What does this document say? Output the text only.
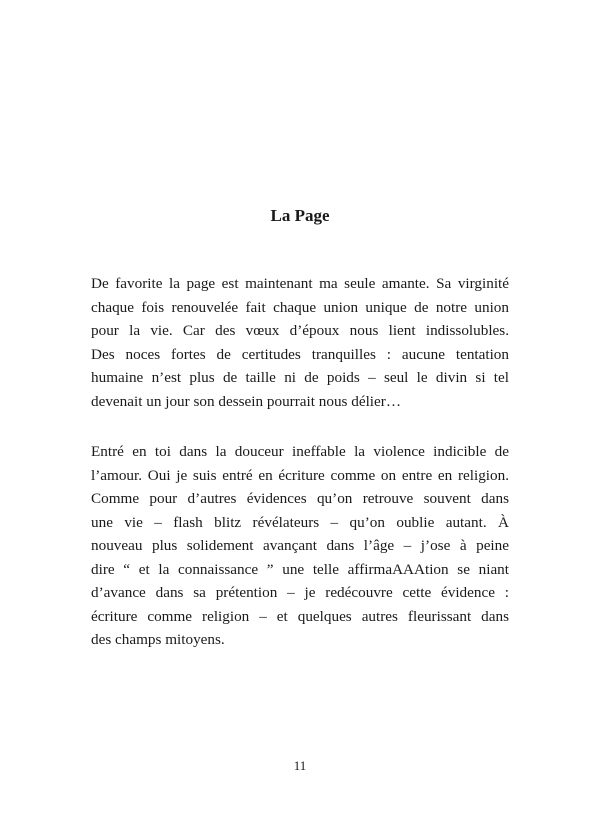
La Page
De favorite la page est maintenant ma seule amante. Sa virginité
chaque fois renouvelée fait chaque union unique de notre union
pour la vie. Car des vœux d’époux nous lient indissolubles.
Des noces fortes de certitudes tranquilles : aucune tentation
humaine n’est plus de taille ni de poids – seul le divin si tel
devenait un jour son dessein pourrait nous délier…
Entré en toi dans la douceur ineffable la violence indicible de
l’amour. Oui je suis entré en écriture comme on entre en religion.
Comme pour d’autres évidences qu’on retrouve souvent dans
une vie – flash blitz révélateurs – qu’on oublie autant. À
nouveau plus solidement avançant dans l’âge – j’ose à peine
dire “ et la connaissance ” une telle affirmaAAAtion se niant
d’avance dans sa prétention – je redécouvre cette évidence :
écriture comme religion – et quelques autres fleurissant dans
des champs mitoyens.
11
